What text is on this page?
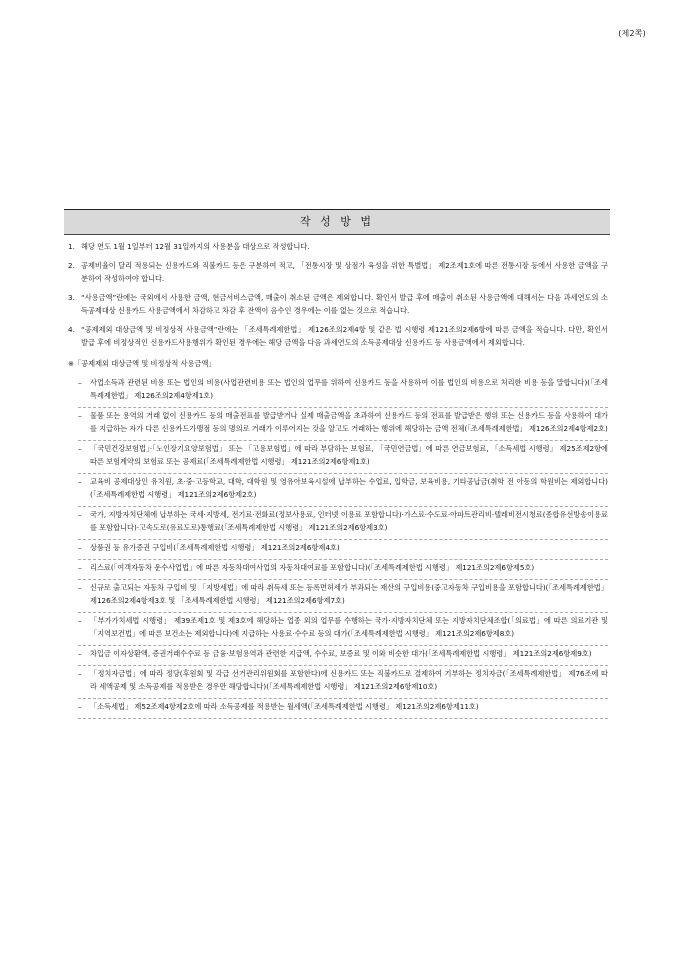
(제2쪽)
작 성 방 법
1. 해당 연도 1월 1일부터 12월 31일까지의 사용분을 대상으로 작성합니다.
2. 공제비율이 달리 적용되는 신용카드와 직불카드 등은 구분하여 적고, 「전통시장 및 상점가 육성을 위한 특별법」 제2조제1호에 따른 전통시장 등에서 사용한 금액을 구분하여 작성하여야 합니다.
3. “사용금액”란에는 국외에서 사용한 금액, 현금서비스금액, 매출이 취소된 금액은 제외합니다. 확인서 발급 후에 매출이 취소된 사용금액에 대해서는 다음 과세연도의 소득공제대상 신용카드 사용금액에서 차감하고 차감 후 잔액이 음수인 경우에는 이를 없는 것으로 적습니다.
4. “공제제외 대상금액 및 비정상적 사용금액”란에는 「조세특례제한법」 제126조의2제4항 및 같은 법 시행령 제121조의2제6항에 따른 금액을 적습니다. 다만, 확인서 발급 후에 비정상적인 신용카드사용행위가 확인된 경우에는 해당 금액을 다음 과세연도의 소득공제대상 신용카드 등 사용금액에서 제외합니다.
※「공제제외 대상금액 및 비정상적 사용금액」
–	사업소득과 관련된 비용 또는 법인의 비용(사업관련비용 또는 법인의 업무를 위하여 신용카드 등을 사용하여 이를 법인의 비용으로 처리한 비용 등을 말합니다)(「조세특례제한법」 제126조의2제4항제1호)
–	물품 또는 용역의 거래 없이 신용카드 등의 매출전표를 발급받거나 실제 매출금액을 초과하여 신용카드 등의 전표를 발급받은 행위 또는 신용카드 등을 사용하여 대가를 지급하는 자가 다른 신용카드가맹점 등의 명의로 거래가 이루어지는 것을 알고도 거래하는 행위에 해당하는 금액 전체(「조세특례제한법」 제126조의2제4항제2호)
–	「국민건강보험법」·「노인장기요양보험법」 또는 「고용보험법」에 따라 부담하는 보험료, 「국민연금법」에 따른 연금보험료, 「소득세법 시행령」 제25조제2항에 따른 보험계약의 보험료 또는 공제료(「조세특례제한법 시행령」 제121조의2제6항제1호)
–	교육비 공제대상인 유치원, 초·중·고등학교, 대학, 대학원 및 영유아보육시설에 납부하는 수업료, 입학금, 보육비용, 기타공납금(취학 전 아동의 학원비는 제외합니다)(「조세특례제한법 시행령」 제121조의2제6항제2호)
–	국가, 지방자치단체에 납부하는 국세·지방세, 전기료·전화료(정보사용료, 인터넷 이용료 포함합니다)·가스료·수도료·아파트관리비·텔레비전시청료(종합유선방송이용료를 포함합니다)·고속도로(유료도로)통행료(「조세특례제한법 시행령」 제121조의2제6항제3호)
–	상품권 등 유가증권 구입비(「조세특례제한법 시행령」 제121조의2제6항제4호)
–	리스료(「여객자동차 운수사업법」에 따른 자동차대여사업의 자동차대여료를 포함합니다)(「조세특례제한법 시행령」 제121조의2제6항제5호)
–	신규로 출고되는 자동차 구입비 및 「지방세법」에 따라 취득세 또는 등록면허세가 부과되는 재산의 구입비용(중고자동차 구입비용을 포함합니다)(「조세특례제한법」 제126조의2제4항제3호 및 「조세특례제한법 시행령」 제121조의2제6항제7호)
–	「부가가치세법 시행령」 제39조제1호 및 제3호에 해당하는 업종 외의 업무를 수행하는 국가·지방자치단체 또는 지방자치단체조합(「의료법」에 따른 의료기관 및 「지역보건법」에 따른 보건소는 제외합니다)에 지급하는 사용료·수수료 등의 대가(「조세특례제한법 시행령」 제121조의2제6항제8호)
–	차입금 이자상환액, 증권거래수수료 등 금융·보험용역과 관련한 지급액, 수수료, 보증료 및 이와 비슷한 대가(「조세특례제한법 시행령」 제121조의2제6항제9호)
–	「정치자금법」에 따라 정당(후원회 및 각급 선거관리위원회를 포함한다)에 신용카드 또는 직불카드로 결제하여 기부하는 정치자금(「조세특례제한법」 제76조에 따라 세액공제 및 소득공제를 적용받은 경우만 해당합니다)(「조세특례제한법 시행령」 제121조의2제6항제10호)
–	「소득세법」 제52조제4항제2호에 따라 소득공제를 적용받는 월세액(「조세특례제한법 시행령」 제121조의2제6항제11호)
